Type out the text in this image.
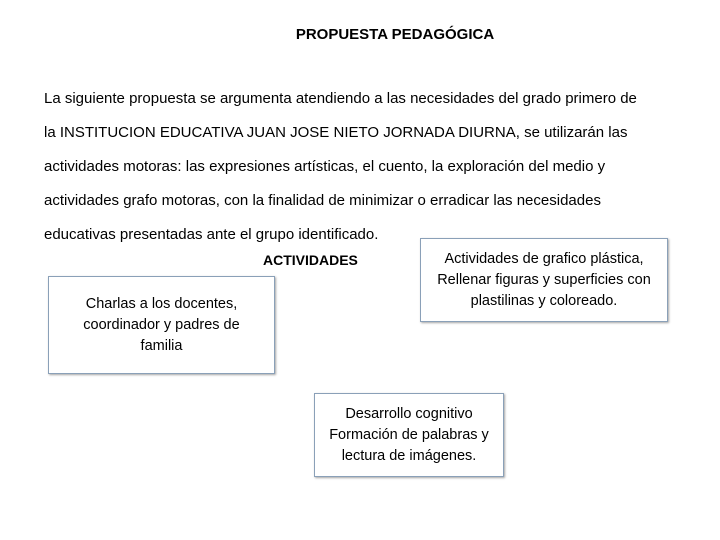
PROPUESTA PEDAGÓGICA

La siguiente propuesta se argumenta atendiendo a las necesidades del grado primero de
la INSTITUCION EDUCATIVA JUAN JOSE NIETO JORNADA DIURNA, se utilizarán las
actividades motoras: las expresiones artísticas, el cuento, la exploración del medio y
actividades grafo motoras, con la finalidad de minimizar o erradicar las necesidades
educativas presentadas ante el grupo identificado.

ACTIVIDADES
Charlas a los docentes,
coordinador y padres de
familia
Actividades de grafico plástica,
Rellenar figuras y superficies con
plastilinas y coloreado.
Desarrollo cognitivo
Formación de palabras y
lectura de imágenes.
